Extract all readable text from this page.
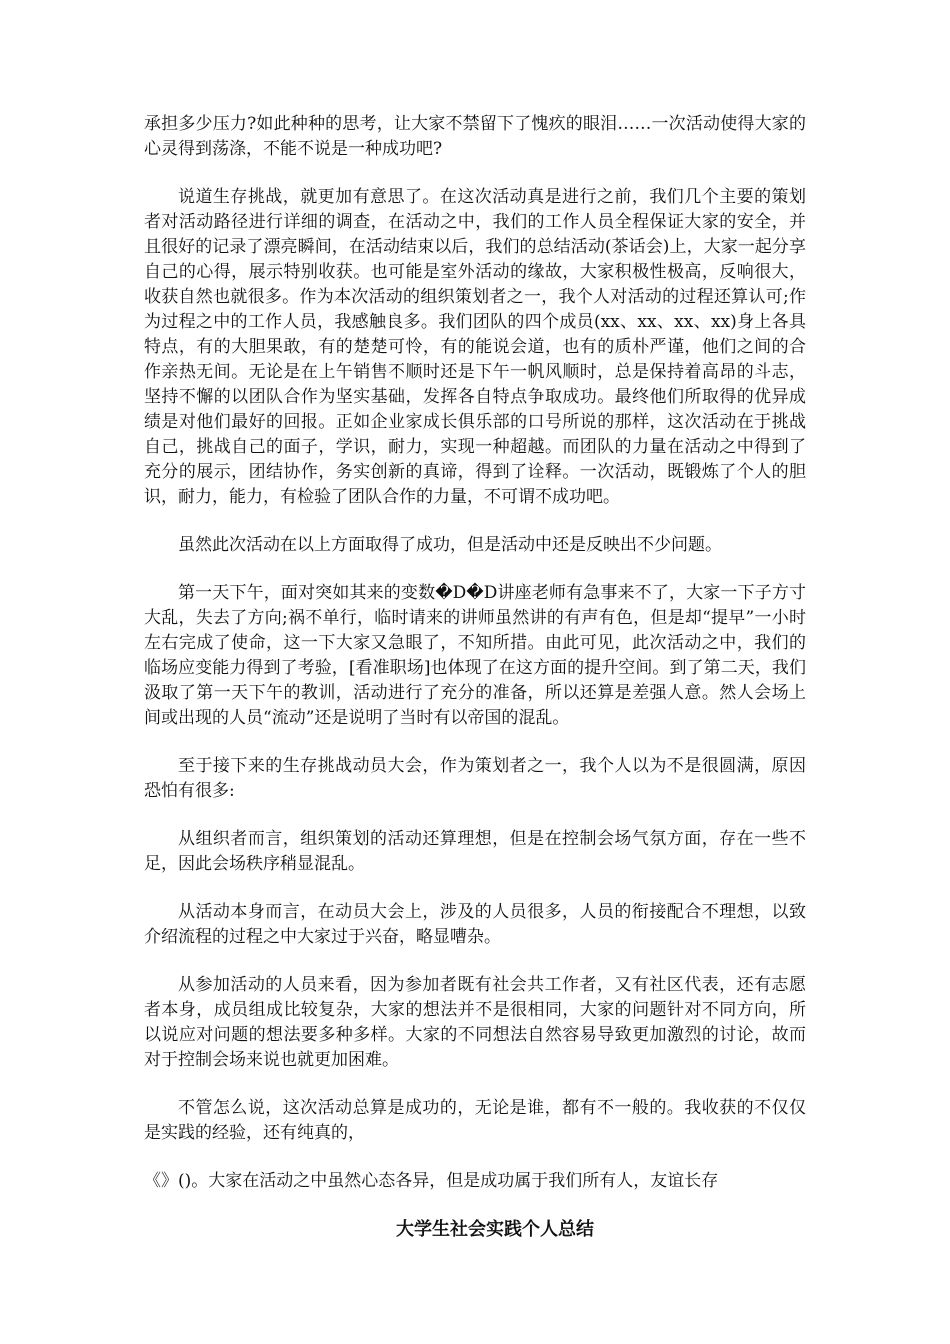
承担多少压力?如此种种的思考，让大家不禁留下了愧疚的眼泪……一次活动使得大家的心灵得到荡涤，不能不说是一种成功吧?

说道生存挑战，就更加有意思了。在这次活动真是进行之前，我们几个主要的策划者对活动路径进行详细的调查，在活动之中，我们的工作人员全程保证大家的安全，并且很好的记录了漂亮瞬间，在活动结束以后，我们的总结活动(茶话会)上，大家一起分享自己的心得，展示特别收获。也可能是室外活动的缘故，大家积极性极高，反响很大，收获自然也就很多。作为本次活动的组织策划者之一，我个人对活动的过程还算认可;作为过程之中的工作人员，我感触良多。我们团队的四个成员(xx、xx、xx、xx)身上各具特点，有的大胆果敢，有的楚楚可怜，有的能说会道，也有的质朴严谨，他们之间的合作亲热无间。无论是在上午销售不顺时还是下午一帆风顺时，总是保持着高昂的斗志，坚持不懈的以团队合作为坚实基础，发挥各自特点争取成功。最终他们所取得的优异成绩是对他们最好的回报。正如企业家成长俱乐部的口号所说的那样，这次活动在于挑战自己，挑战自己的面子，学识，耐力，实现一种超越。而团队的力量在活动之中得到了充分的展示，团结协作，务实创新的真谛，得到了诠释。一次活动，既锻炼了个人的胆识，耐力，能力，有检验了团队合作的力量，不可谓不成功吧。

虽然此次活动在以上方面取得了成功，但是活动中还是反映出不少问题。

第一天下午，面对突如其来的变数�D�D讲座老师有急事来不了，大家一下子方寸大乱，失去了方向;祸不单行，临时请来的讲师虽然讲的有声有色，但是却“提早”一小时左右完成了使命，这一下大家又急眼了，不知所措。由此可见，此次活动之中，我们的临场应变能力得到了考验，[看准职场]也体现了在这方面的提升空间。到了第二天，我们汲取了第一天下午的教训，活动进行了充分的准备，所以还算是差强人意。然人会场上间或出现的人员“流动”还是说明了当时有以帝国的混乱。

至于接下来的生存挑战动员大会，作为策划者之一，我个人以为不是很圆满，原因恐怕有很多:

从组织者而言，组织策划的活动还算理想，但是在控制会场气氛方面，存在一些不足，因此会场秩序稍显混乱。

从活动本身而言，在动员大会上，涉及的人员很多，人员的衔接配合不理想，以致介绍流程的过程之中大家过于兴奋，略显嘈杂。

从参加活动的人员来看，因为参加者既有社会共工作者，又有社区代表，还有志愿者本身，成员组成比较复杂，大家的想法并不是很相同，大家的问题针对不同方向，所以说应对问题的想法要多种多样。大家的不同想法自然容易导致更加激烈的讨论，故而对于控制会场来说也就更加困难。

不管怎么说，这次活动总算是成功的，无论是谁，都有不一般的。我收获的不仅仅是实践的经验，还有纯真的，

《》()。大家在活动之中虽然心态各异，但是成功属于我们所有人，友谊长存

大学生社会实践个人总结
